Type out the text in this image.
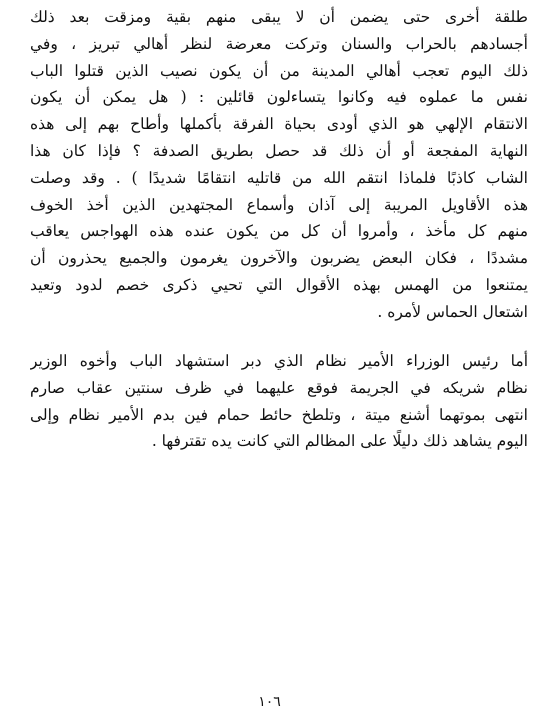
طلقة أخرى حتى يضمن أن لا يبقى منهم بقية ومزقت بعد ذلك
أجسادهم بالحراب والسنان وتركت معرضة لنظر أهالي تبريز ، وفي
ذلك اليوم تعجب أهالي المدينة من أن يكون نصيب الذين قتلوا الباب
نفس ما عملوه فيه وكانوا يتساءلون قائلين : ( هل يمكن أن يكون
الانتقام الإلهي هو الذي أودى بحياة الفرقة بأكملها وأطاح بهم إلى هذه
النهاية المفجعة أو أن ذلك قد حصل بطريق الصدفة ؟ فإذا كان هذا
الشاب كاذبًا فلماذا انتقم الله من قاتليه انتقامًا شديدًا ) . وقد وصلت
هذه الأقاويل المريبة إلى آذان وأسماع المجتهدين الذين أخذ الخوف
منهم كل مأخذ ، وأمروا أن كل من يكون عنده هذه الهواجس يعاقب
مشددًا ، فكان البعض يضربون والآخرون يغرمون والجميع يحذرون أن
يمتنعوا من الهمس بهذه الأقوال التي تحيي ذكرى خصم لدود وتعيد
اشتعال الحماس لأمره .
أما رئيس الوزراء الأمير نظام الذي دبر استشهاد الباب وأخوه الوزير
نظام شريكه في الجريمة فوقع عليهما في ظرف سنتين عقاب صارم
انتهى بموتهما أشنع ميتة ، وتلطخ حائط حمام فين بدم الأمير نظام وإلى
اليوم يشاهد ذلك دليلًا على المظالم التي كانت يده تقترفها .
١٠٦
